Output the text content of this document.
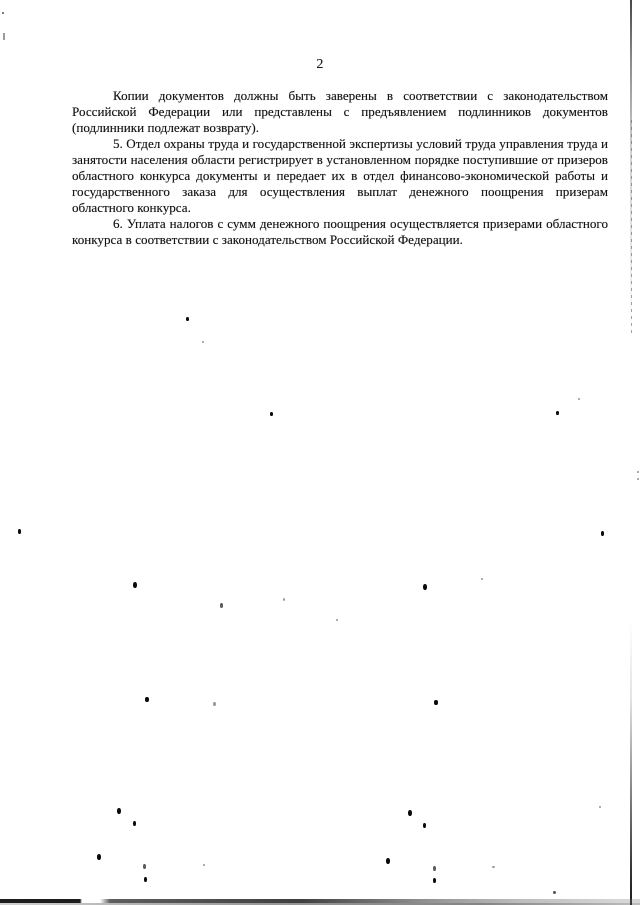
2

Копии документов должны быть заверены в соответствии с законодательством Российской Федерации или представлены с предъявлением подлинников документов (подлинники подлежат возврату).

5. Отдел охраны труда и государственной экспертизы условий труда управления труда и занятости населения области регистрирует в установленном порядке поступившие от призеров областного конкурса документы и передает их в отдел финансово-экономической работы и государственного заказа для осуществления выплат денежного поощрения призерам областного конкурса.

6. Уплата налогов с сумм денежного поощрения осуществляется призерами областного конкурса в соответствии с законодательством Российской Федерации.
